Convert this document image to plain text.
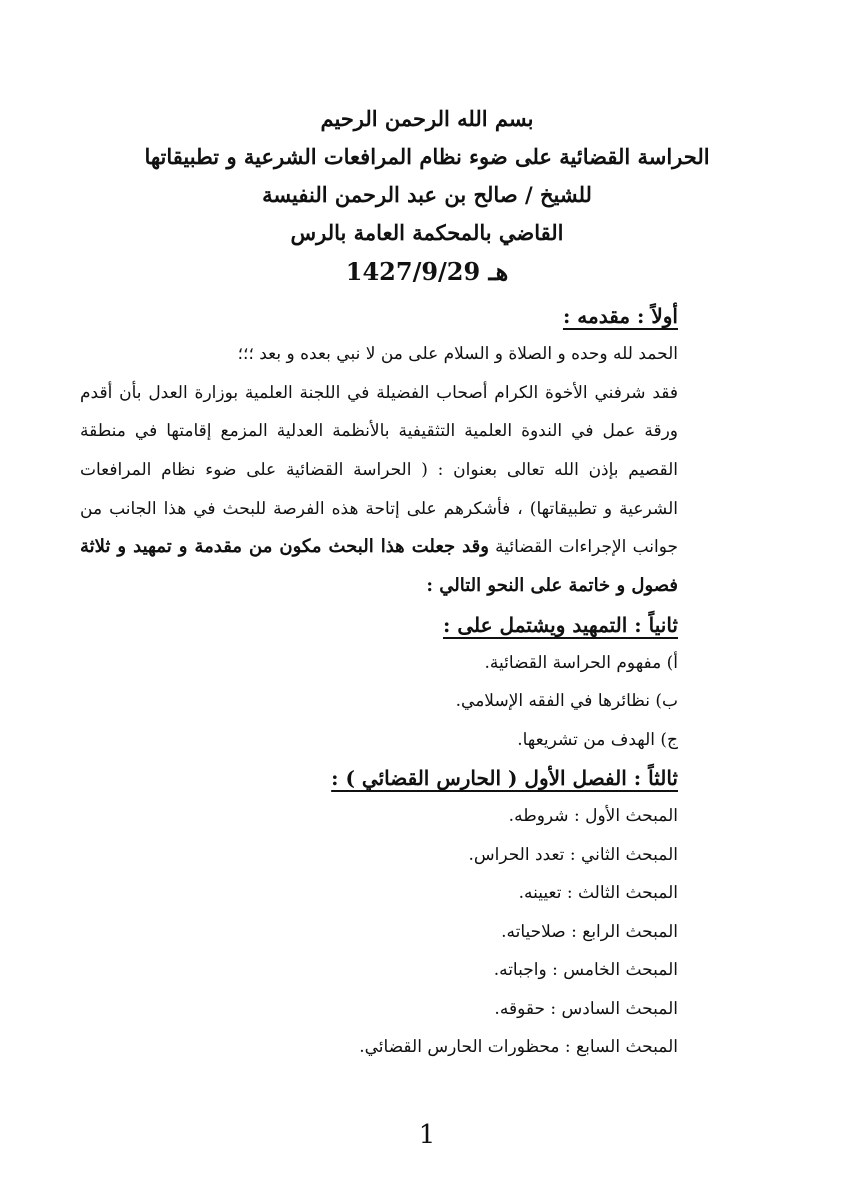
بسم الله الرحمن الرحيم
الحراسة القضائية على ضوء نظام المرافعات الشرعية و تطبيقاتها
للشيخ / صالح بن عبد الرحمن النفيسة
القاضي بالمحكمة العامة بالرس
1427/9/29 هـ
أولاً : مقدمه :
الحمد لله وحده و الصلاة و السلام على من لا نبي بعده و بعد ؛؛؛
فقد شرفني الأخوة الكرام أصحاب الفضيلة في اللجنة العلمية بوزارة العدل بأن أقدم ورقة عمل في الندوة العلمية التثقيفية بالأنظمة العدلية المزمع إقامتها في منطقة القصيم بإذن الله تعالى بعنوان : ( الحراسة القضائية على ضوء نظام المرافعات الشرعية و تطبيقاتها) ، فأشكرهم على إتاحة هذه الفرصة للبحث في هذا الجانب من جوانب الإجراءات القضائية وقد جعلت هذا البحث مكون من مقدمة و تمهيد و ثلاثة فصول و خاتمة على النحو التالي :
ثانياً : التمهيد ويشتمل على :
أ) مفهوم الحراسة القضائية.
ب) نظائرها في الفقه الإسلامي.
ج) الهدف من تشريعها.
ثالثاً : الفصل الأول ( الحارس القضائي ) :
المبحث الأول : شروطه.
المبحث الثاني : تعدد الحراس.
المبحث الثالث : تعيينه.
المبحث الرابع : صلاحياته.
المبحث الخامس : واجباته.
المبحث السادس : حقوقه.
المبحث السابع : محظورات الحارس القضائي.
1
